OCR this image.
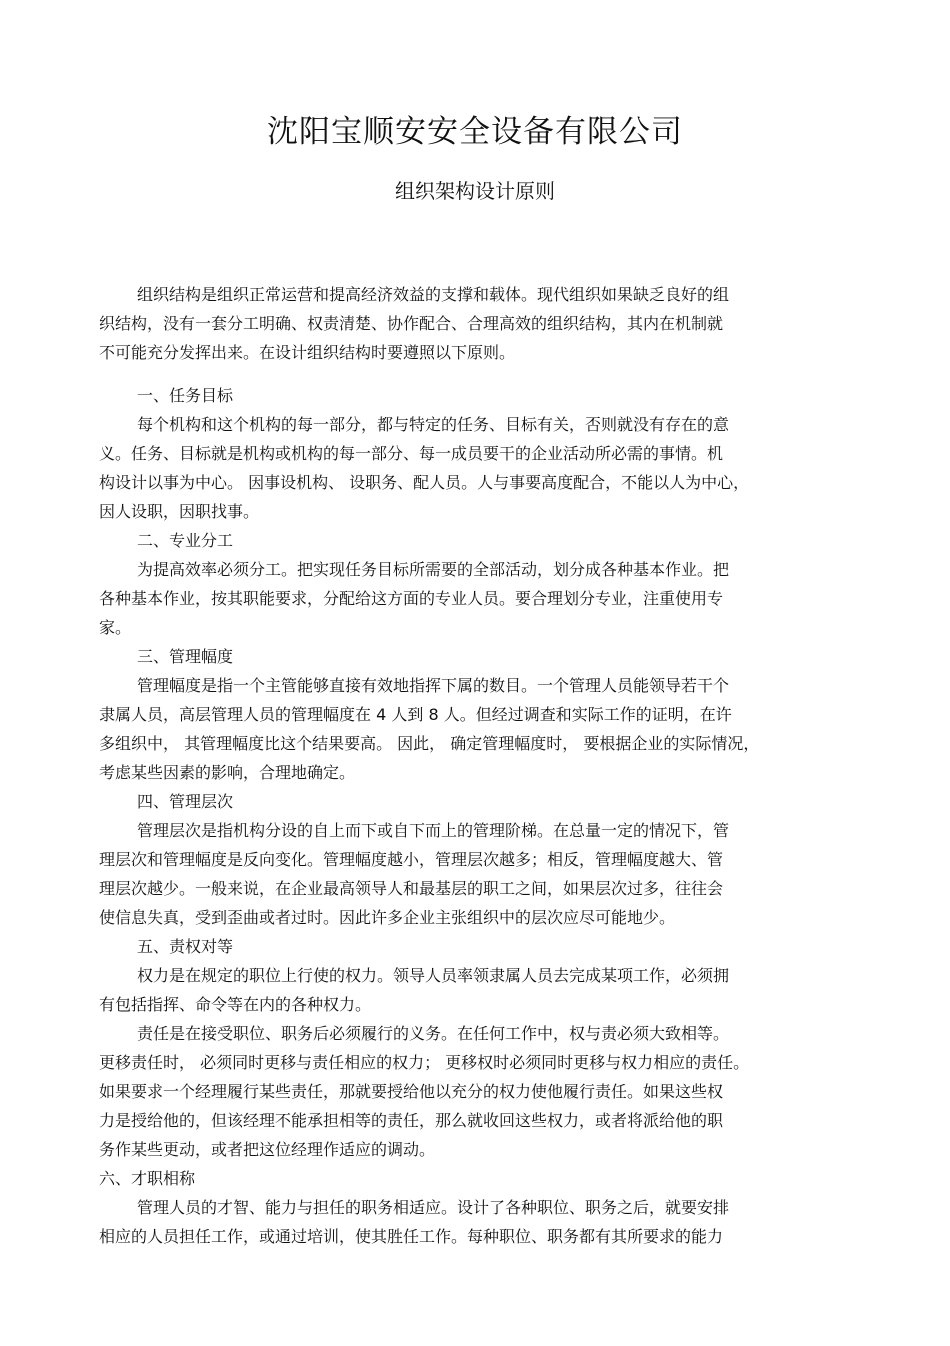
沈阳宝顺安安全设备有限公司
组织架构设计原则
组织结构是组织正常运营和提高经济效益的支撑和载体。现代组织如果缺乏良好的组
织结构，没有一套分工明确、权责清楚、协作配合、合理高效的组织结构，其内在机制就
不可能充分发挥出来。在设计组织结构时要遵照以下原则。
一、任务目标
每个机构和这个机构的每一部分，都与特定的任务、目标有关，否则就没有存在的意
义。任务、目标就是机构或机构的每一部分、每一成员要干的企业活动所必需的事情。机
构设计以事为中心。 因事设机构、 设职务、配人员。人与事要高度配合，不能以人为中心，
因人设职，因职找事。
二、专业分工
为提高效率必须分工。把实现任务目标所需要的全部活动，划分成各种基本作业。把
各种基本作业，按其职能要求，分配给这方面的专业人员。要合理划分专业，注重使用专
家。
三、管理幅度
管理幅度是指一个主管能够直接有效地指挥下属的数目。一个管理人员能领导若干个
隶属人员，高层管理人员的管理幅度在 4 人到 8 人。但经过调查和实际工作的证明，在许
多组织中， 其管理幅度比这个结果要高。 因此， 确定管理幅度时， 要根据企业的实际情况，
考虑某些因素的影响，合理地确定。
四、管理层次
管理层次是指机构分设的自上而下或自下而上的管理阶梯。在总量一定的情况下，管
理层次和管理幅度是反向变化。管理幅度越小，管理层次越多；相反，管理幅度越大、管
理层次越少。一般来说，在企业最高领导人和最基层的职工之间，如果层次过多，往往会
使信息失真，受到歪曲或者过时。因此许多企业主张组织中的层次应尽可能地少。
五、责权对等
权力是在规定的职位上行使的权力。领导人员率领隶属人员去完成某项工作，必须拥
有包括指挥、命令等在内的各种权力。
责任是在接受职位、职务后必须履行的义务。在任何工作中，权与责必须大致相等。
更移责任时， 必须同时更移与责任相应的权力； 更移权时必须同时更移与权力相应的责任。
如果要求一个经理履行某些责任，那就要授给他以充分的权力使他履行责任。如果这些权
力是授给他的，但该经理不能承担相等的责任，那么就收回这些权力，或者将派给他的职
务作某些更动，或者把这位经理作适应的调动。
六、才职相称
管理人员的才智、能力与担任的职务相适应。设计了各种职位、职务之后，就要安排
相应的人员担任工作，或通过培训，使其胜任工作。每种职位、职务都有其所要求的能力
